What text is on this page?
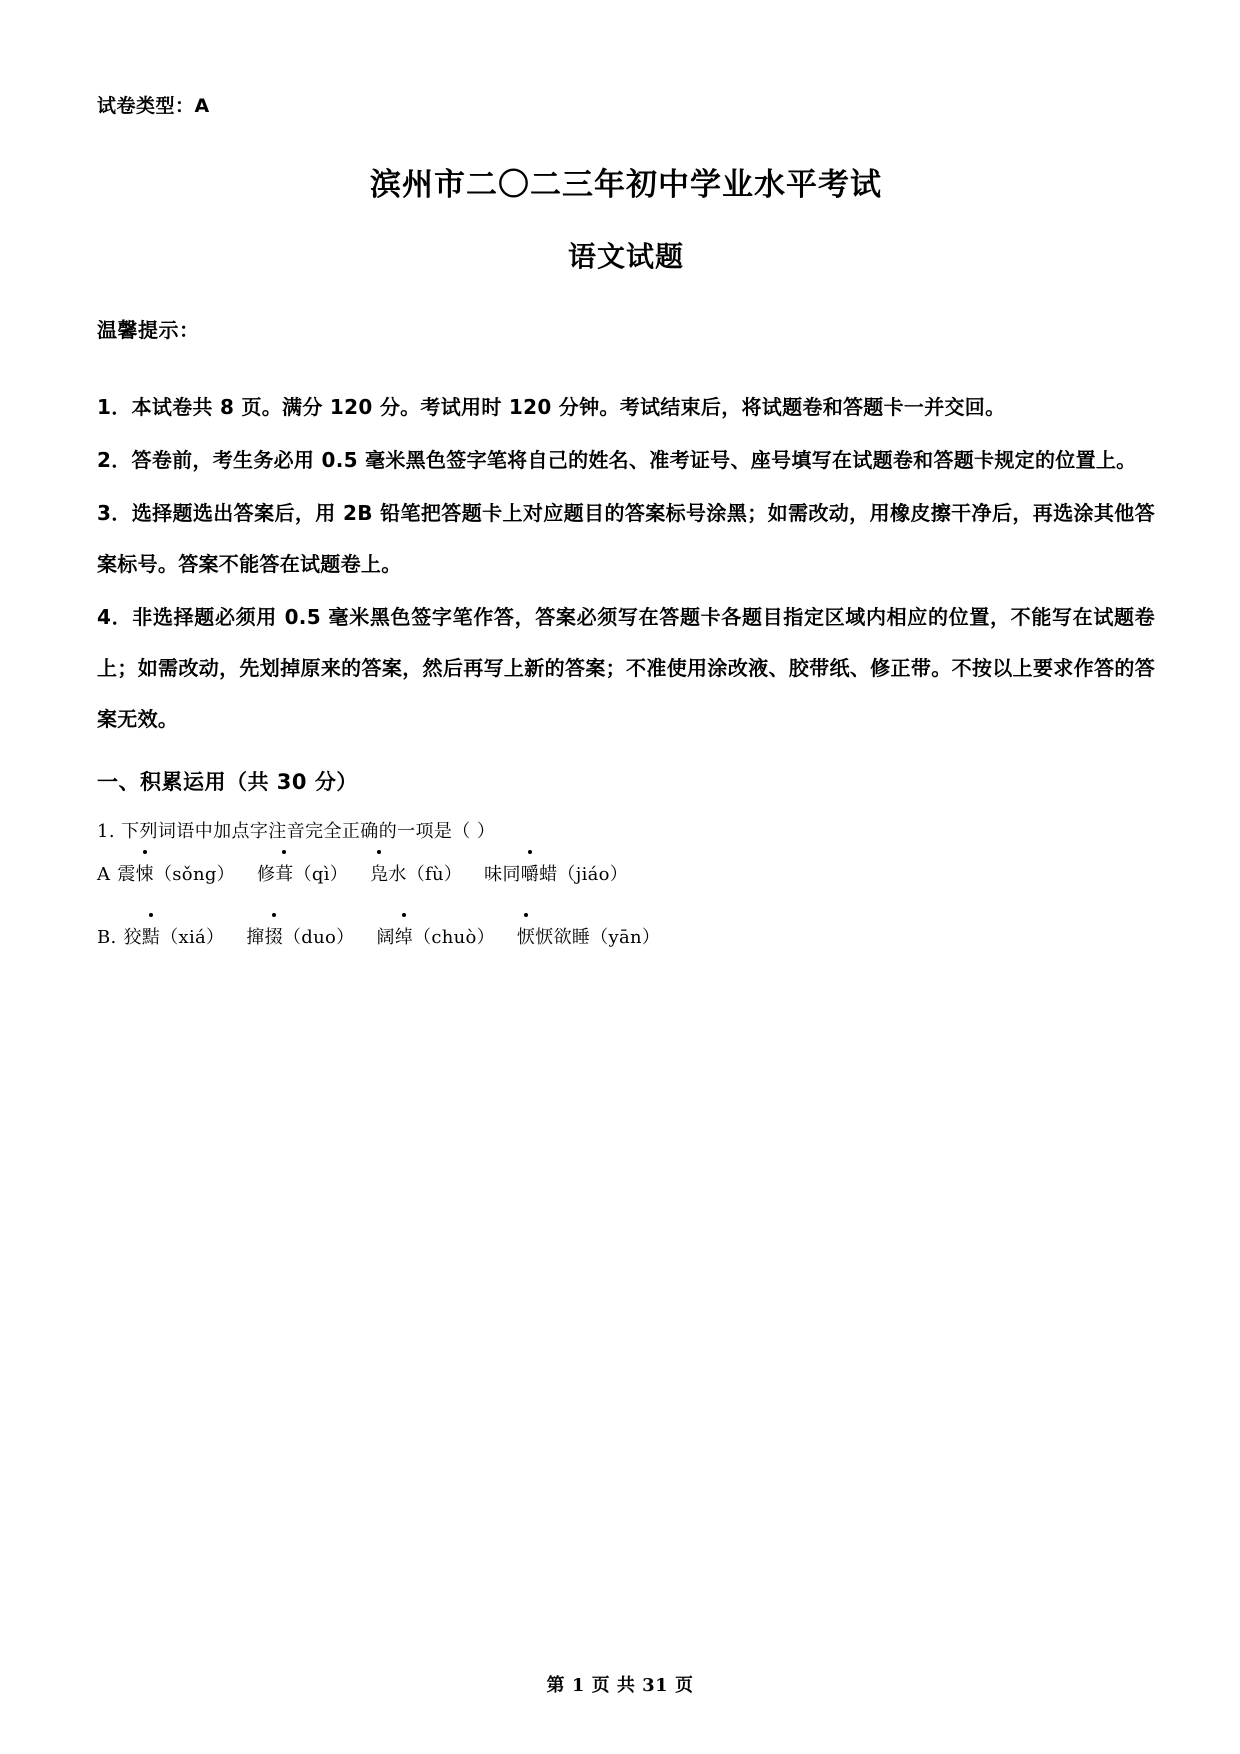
试卷类型：A
滨州市二〇二三年初中学业水平考试
语文试题
温馨提示：

1．本试卷共 8 页。满分 120 分。考试用时 120 分钟。考试结束后，将试题卷和答题卡一并交回。

2．答卷前，考生务必用 0.5 毫米黑色签字笔将自己的姓名、准考证号、座号填写在试题卷和答题卡规定的位置上。

3．选择题选出答案后，用 2B 铅笔把答题卡上对应题目的答案标号涂黑；如需改动，用橡皮擦干净后，再选涂其他答案标号。答案不能答在试题卷上。

4．非选择题必须用 0.5 毫米黑色签字笔作答，答案必须写在答题卡各题目指定区域内相应的位置，不能写在试题卷上；如需改动，先划掉原来的答案，然后再写上新的答案；不准使用涂改液、胶带纸、修正带。不按以上要求作答的答案无效。

一、积累运用（共 30 分）
1. 下列词语中加点字注音完全正确的一项是（ ）
A 震悚（sǒng） 修葺（qì） 凫水（fù） 味同嚼蜡（jiáo）
B. 狡黠（xiá） 撺掇（duo） 阔绰（chuò） 恹恹欲睡（yān）
第 1 页 共 31 页
